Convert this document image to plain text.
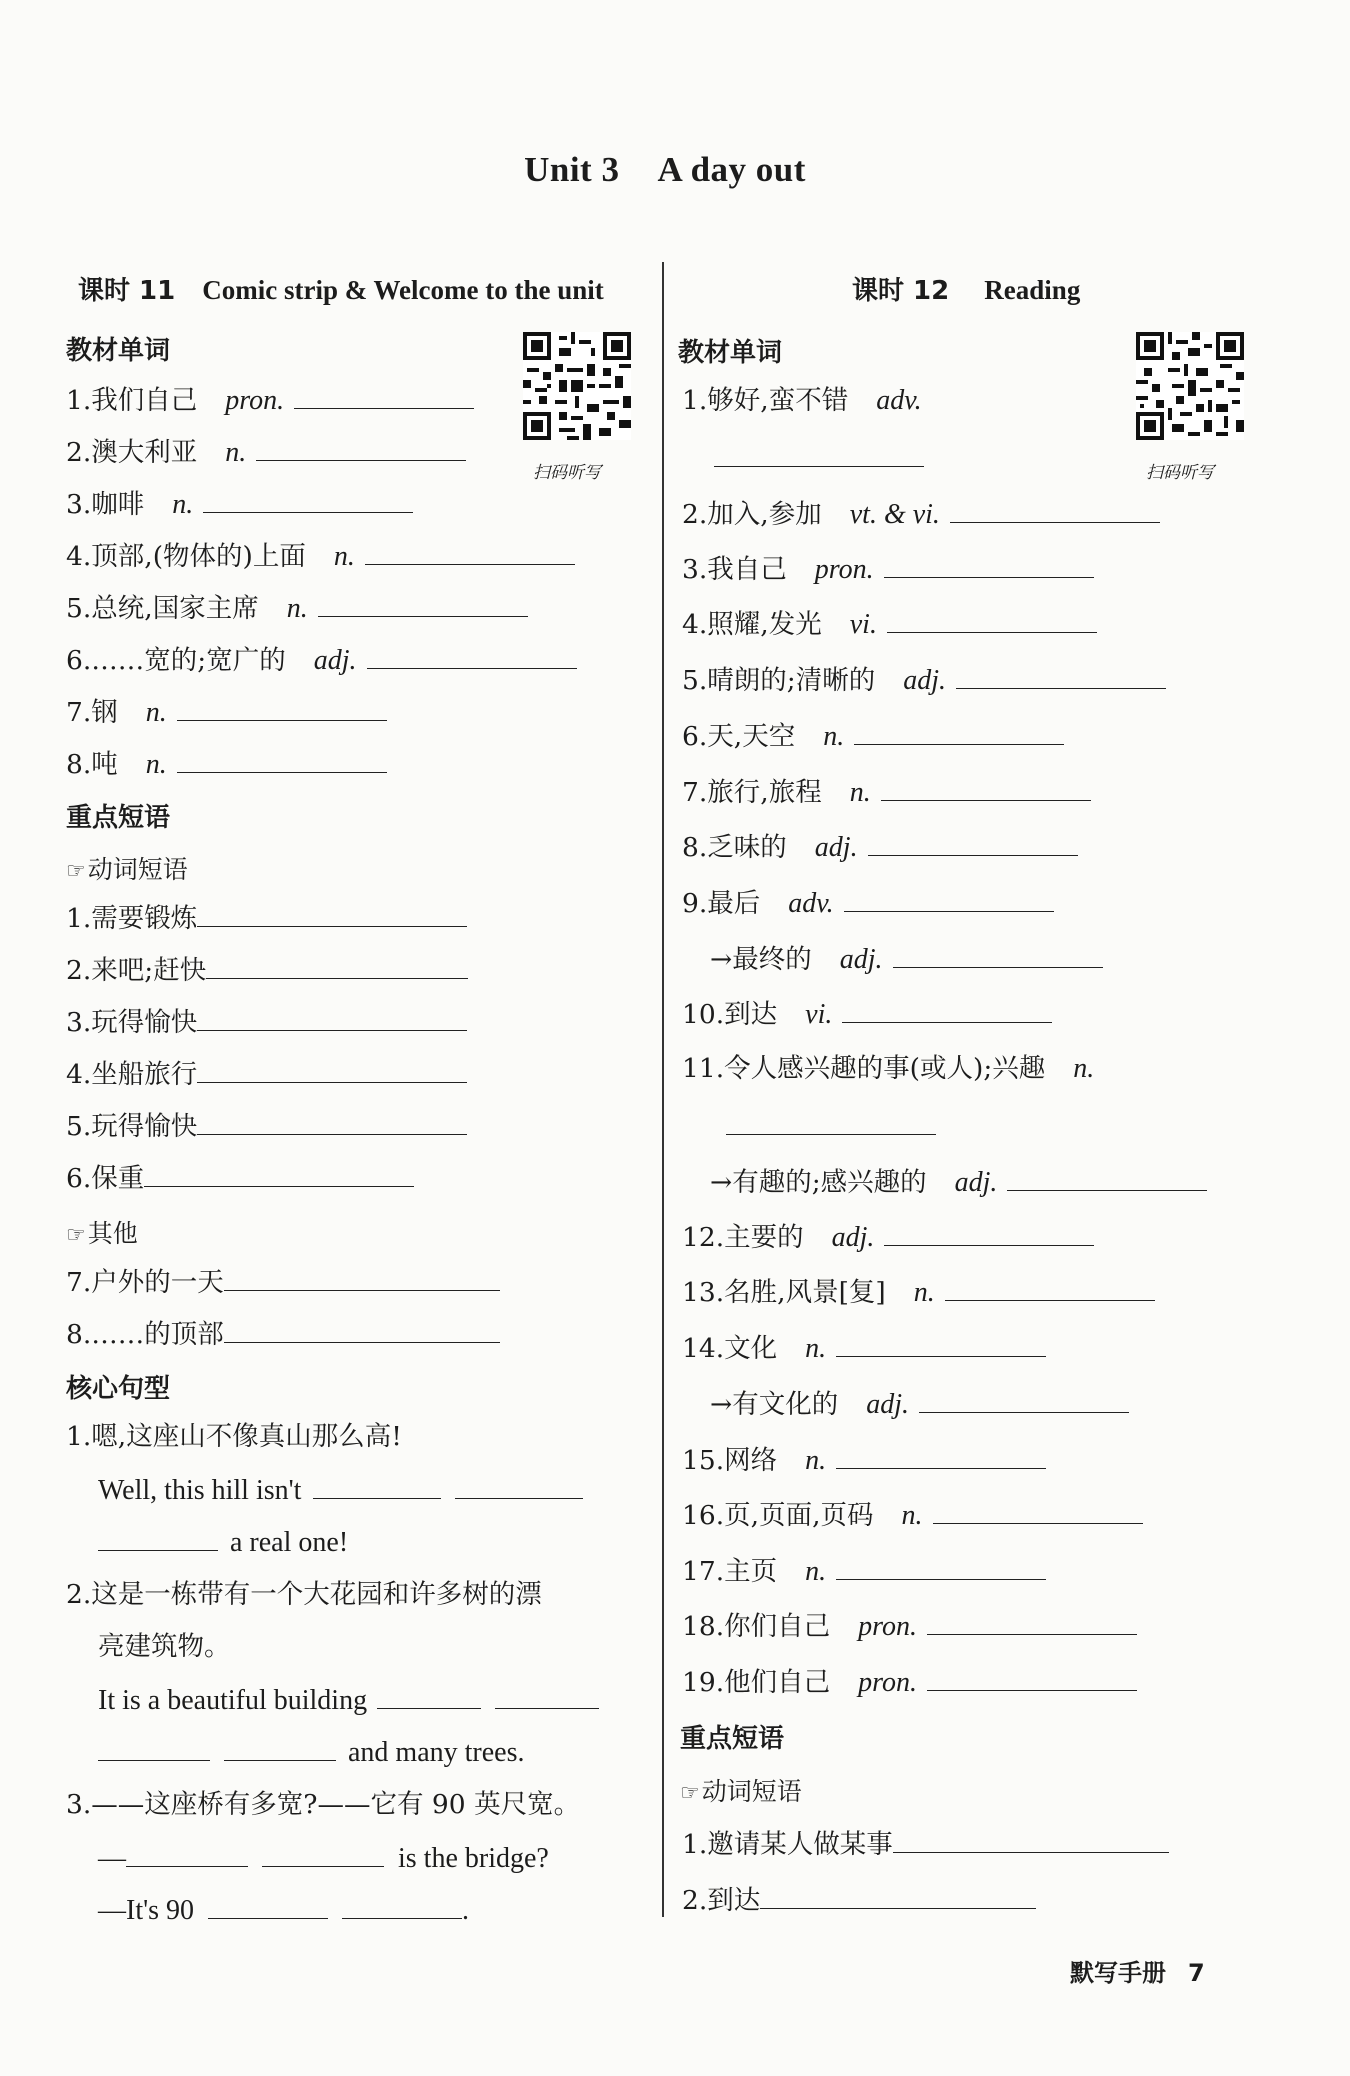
Unit 3 A day out
课时 11 Comic strip & Welcome to the unit
教材单词
扫码听写
1.我们自己 pron.
2.澳大利亚 n.
3.咖啡 n.
4.顶部,(物体的)上面 n.
5.总统,国家主席 n.
6.……宽的;宽广的 adj.
7.钢 n.
8.吨 n.
重点短语
☞动词短语
1.需要锻炼
2.来吧;赶快
3.玩得愉快
4.坐船旅行
5.玩得愉快
6.保重
☞其他
7.户外的一天
8.……的顶部
核心句型
1.嗯,这座山不像真山那么高!
Well, this hill isn't
a real one!
2.这是一栋带有一个大花园和许多树的漂
亮建筑物。
It is a beautiful building
and many trees.
3.——这座桥有多宽?——它有 90 英尺宽。
—	is the bridge?
—It's 90	.
课时 12 Reading
教材单词
扫码听写
1.够好,蛮不错 adv.
2.加入,参加 vt. & vi.
3.我自己 pron.
4.照耀,发光 vi.
5.晴朗的;清晰的 adj.
6.天,天空 n.
7.旅行,旅程 n.
8.乏味的 adj.
9.最后 adv.
→最终的 adj.
10.到达 vi.
11.令人感兴趣的事(或人);兴趣 n.
→有趣的;感兴趣的 adj.
12.主要的 adj.
13.名胜,风景[复] n.
14.文化 n.
→有文化的 adj.
15.网络 n.
16.页,页面,页码 n.
17.主页 n.
18.你们自己 pron.
19.他们自己 pron.
重点短语
☞动词短语
1.邀请某人做某事
2.到达
默写手册 7
